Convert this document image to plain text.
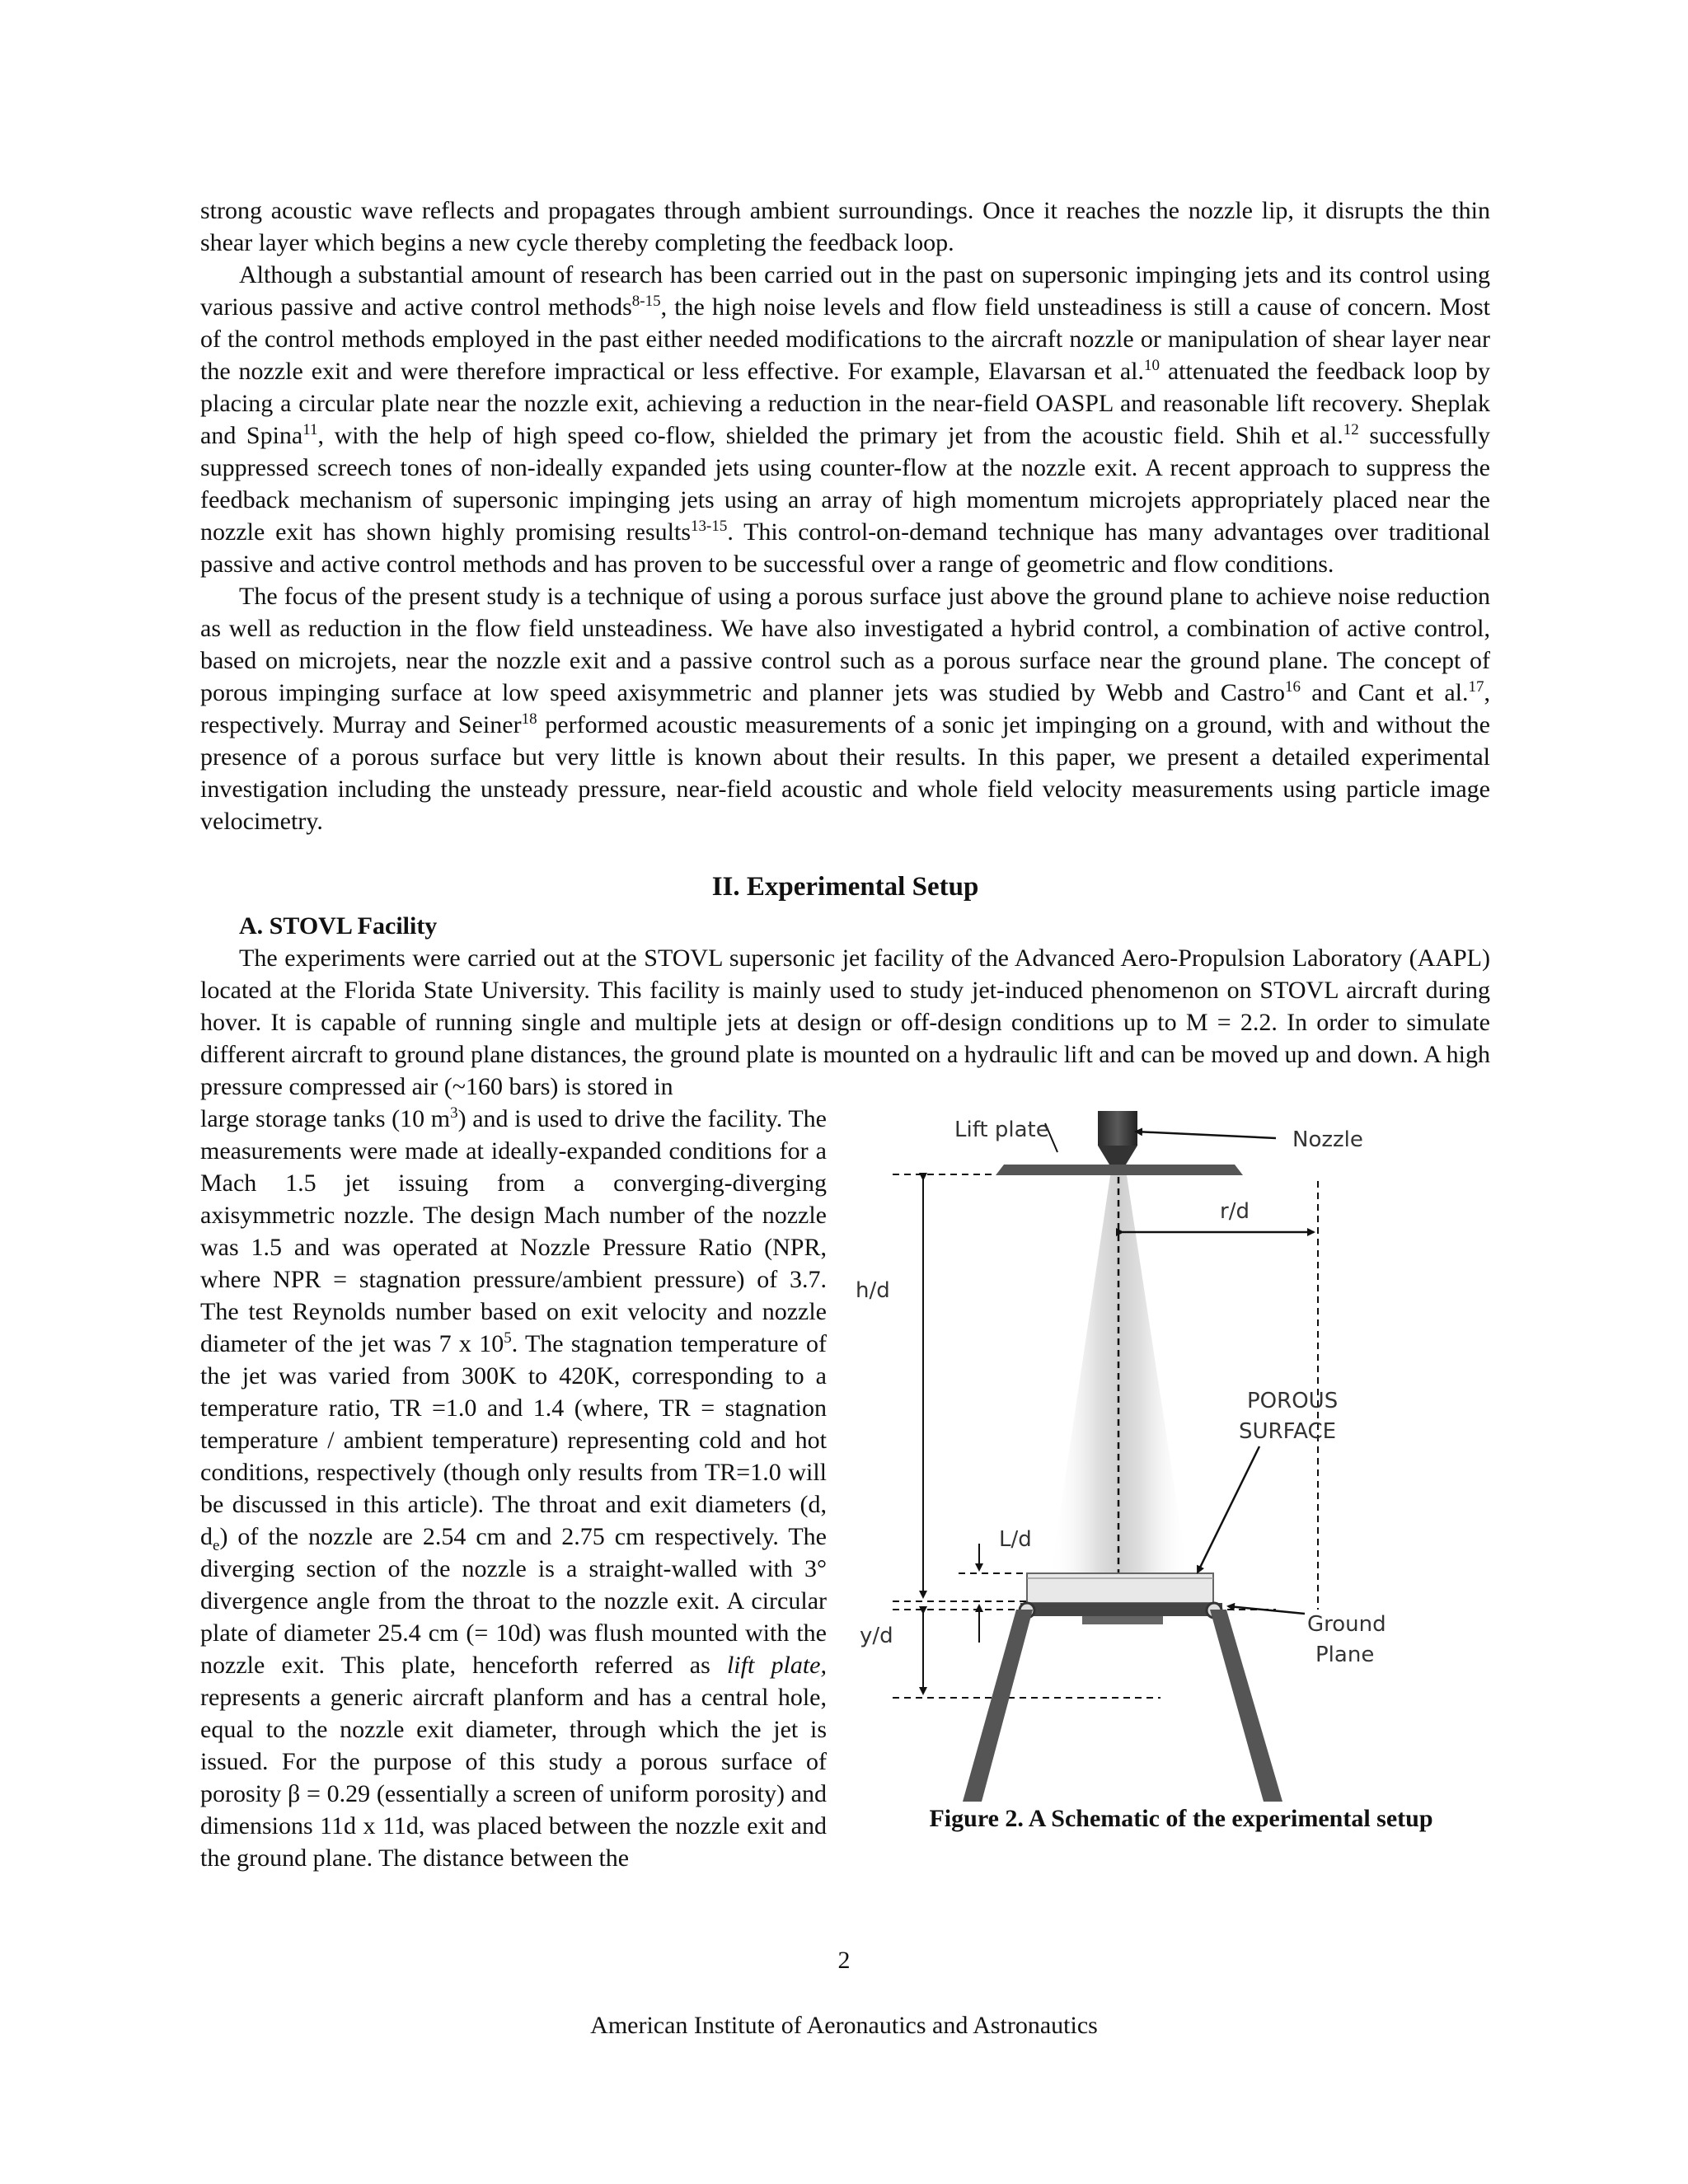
strong acoustic wave reflects and propagates through ambient surroundings. Once it reaches the nozzle lip, it disrupts the thin shear layer which begins a new cycle thereby completing the feedback loop.

Although a substantial amount of research has been carried out in the past on supersonic impinging jets and its control using various passive and active control methods$^{8-15}$, the high noise levels and flow field unsteadiness is still a cause of concern. Most of the control methods employed in the past either needed modifications to the aircraft nozzle or manipulation of shear layer near the nozzle exit and were therefore impractical or less effective. For example, Elavarsan et al.$^{10}$ attenuated the feedback loop by placing a circular plate near the nozzle exit, achieving a reduction in the near-field OASPL and reasonable lift recovery. Sheplak and Spina$^{11}$, with the help of high speed co-flow, shielded the primary jet from the acoustic field. Shih et al.$^{12}$ successfully suppressed screech tones of non-ideally expanded jets using counter-flow at the nozzle exit. A recent approach to suppress the feedback mechanism of supersonic impinging jets using an array of high momentum microjets appropriately placed near the nozzle exit has shown highly promising results$^{13-15}$. This control-on-demand technique has many advantages over traditional passive and active control methods and has proven to be successful over a range of geometric and flow conditions.

The focus of the present study is a technique of using a porous surface just above the ground plane to achieve noise reduction as well as reduction in the flow field unsteadiness. We have also investigated a hybrid control, a combination of active control, based on microjets, near the nozzle exit and a passive control such as a porous surface near the ground plane. The concept of porous impinging surface at low speed axisymmetric and planner jets was studied by Webb and Castro$^{16}$ and Cant et al.$^{17}$, respectively. Murray and Seiner$^{18}$ performed acoustic measurements of a sonic jet impinging on a ground, with and without the presence of a porous surface but very little is known about their results. In this paper, we present a detailed experimental investigation including the unsteady pressure, near-field acoustic and whole field velocity measurements using particle image velocimetry.

II. Experimental Setup
A. STOVL Facility

The experiments were carried out at the STOVL supersonic jet facility of the Advanced Aero-Propulsion Laboratory (AAPL) located at the Florida State University. This facility is mainly used to study jet-induced phenomenon on STOVL aircraft during hover. It is capable of running single and multiple jets at design or off-design conditions up to M = 2.2. In order to simulate different aircraft to ground plane distances, the ground plate is mounted on a hydraulic lift and can be moved up and down. A high pressure compressed air (~160 bars) is stored in

Lift plate	Nozzle
h/d
r/d
POROUS
SURFACE
L/d
y/d	Ground
Plane
Figure 2. A Schematic of the experimental setup

large storage tanks (10 $m^3$) and is used to drive the facility. The measurements were made at ideally-expanded conditions for a Mach 1.5 jet issuing from a converging-diverging axisymmetric nozzle. The design Mach number of the nozzle was 1.5 and was operated at Nozzle Pressure Ratio (NPR, where NPR = stagnation pressure/ambient pressure) of 3.7. The test Reynolds number based on exit velocity and nozzle diameter of the jet was 7 x $10^5$. The stagnation temperature of the jet was varied from 300K to 420K, corresponding to a temperature ratio, TR =1.0 and 1.4 (where, TR = stagnation temperature / ambient temperature) representing cold and hot conditions, respectively (though only results from TR=1.0 will be discussed in this article). The throat and exit diameters (d, $d_e$) of the nozzle are 2.54 cm and 2.75 cm respectively. The diverging section of the nozzle is a straight-walled with 3° divergence angle from the throat to the nozzle exit. A circular plate of diameter 25.4 cm (= 10d) was flush mounted with the nozzle exit. This plate, henceforth referred as lift plate, represents a generic aircraft planform and has a central hole, equal to the nozzle exit diameter, through which the jet is issued. For the purpose of this study a porous surface of porosity β = 0.29 (essentially a screen of uniform porosity) and dimensions 11d x 11d, was placed between the nozzle exit and the ground plane. The distance between the

2
American Institute of Aeronautics and Astronautics
